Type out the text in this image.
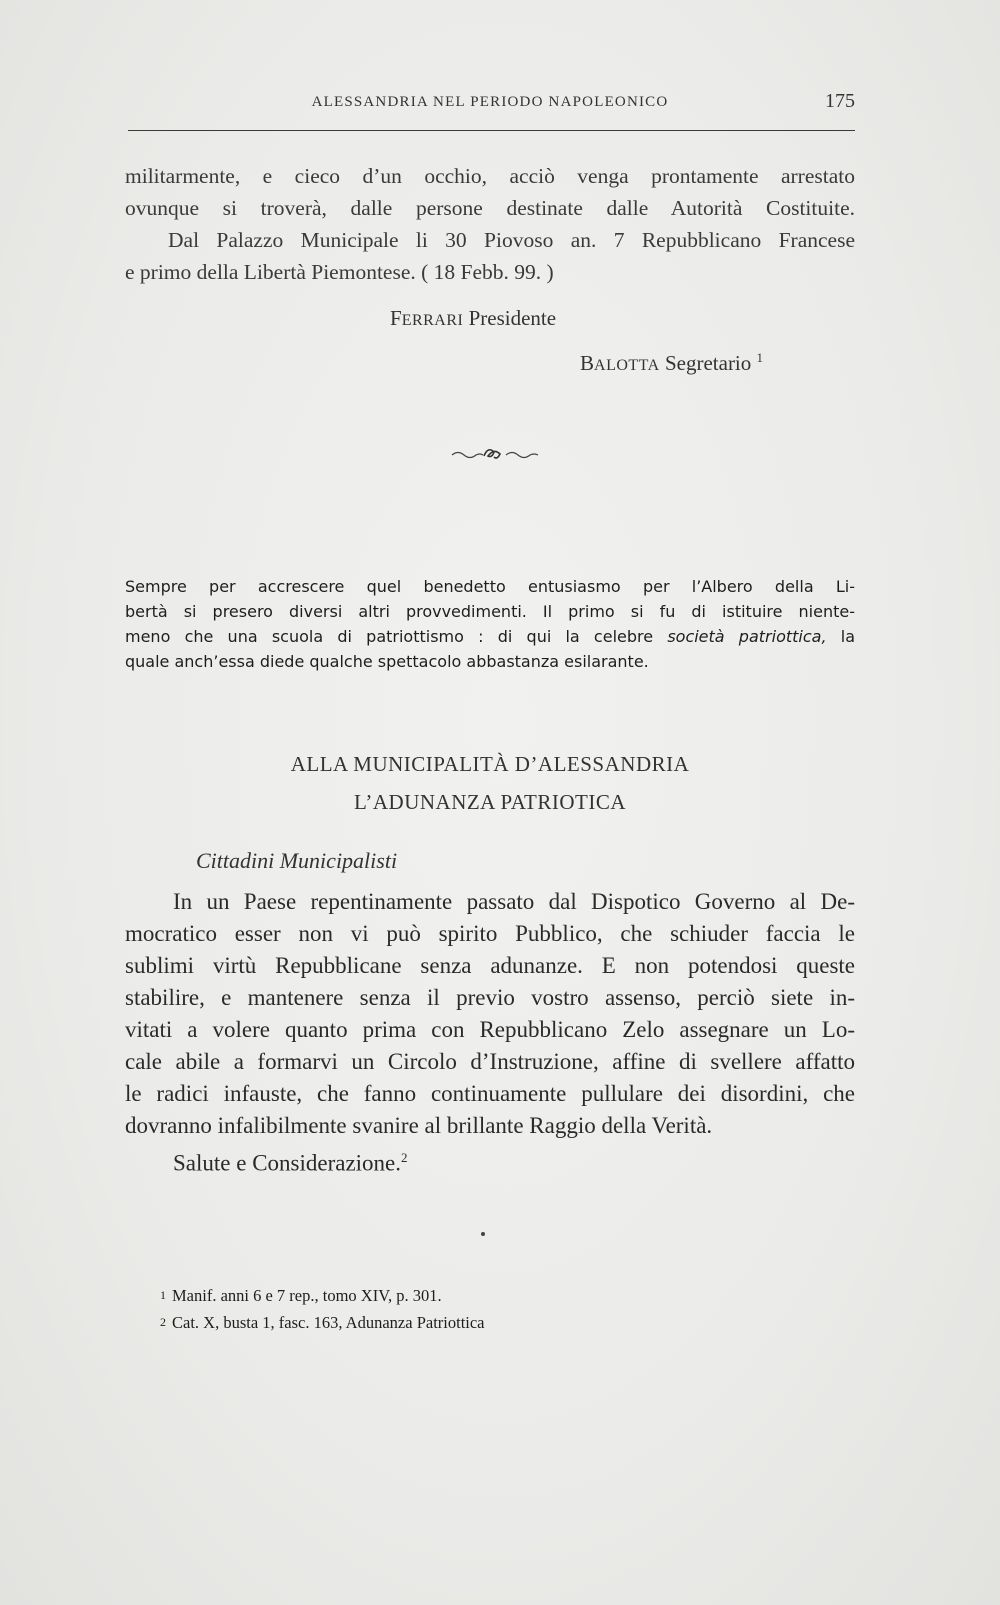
ALESSANDRIA NEL PERIODO NAPOLEONICO	175
militarmente, e cieco d’un occhio, acciò venga prontamente arrestato
ovunque si troverà, dalle persone destinate dalle Autorità Costituite.
Dal Palazzo Municipale li 30 Piovoso an. 7 Repubblicano Francese
e primo della Libertà Piemontese. ( 18 Febb. 99. )
FERRARI Presidente
BALOTTA Segretario $^1$
Sempre per accrescere quel benedetto entusiasmo per l’Albero della Li-
bertà si presero diversi altri provvedimenti. Il primo si fu di istituire niente-
meno che una scuola di patriottismo : di qui la celebre società patriottica, la
quale anch’essa diede qualche spettacolo abbastanza esilarante.
ALLA MUNICIPALITÀ D’ALESSANDRIA
L’ADUNANZA PATRIOTICA
Cittadini Municipalisti
In un Paese repentinamente passato dal Dispotico Governo al De-
mocratico esser non vi può spirito Pubblico, che schiuder faccia le
sublimi virtù Repubblicane senza adunanze. E non potendosi queste
stabilire, e mantenere senza il previo vostro assenso, perciò siete in-
vitati a volere quanto prima con Repubblicano Zelo assegnare un Lo-
cale abile a formarvi un Circolo d’Instruzione, affine di svellere affatto
le radici infauste, che fanno continuamente pullulare dei disordini, che
dovranno infalibilmente svanire al brillante Raggio della Verità.
Salute e Considerazione.$^2$
1 Manif. anni 6 e 7 rep., tomo XIV, p. 301.
2 Cat. X, busta 1, fasc. 163, Adunanza Patriottica
